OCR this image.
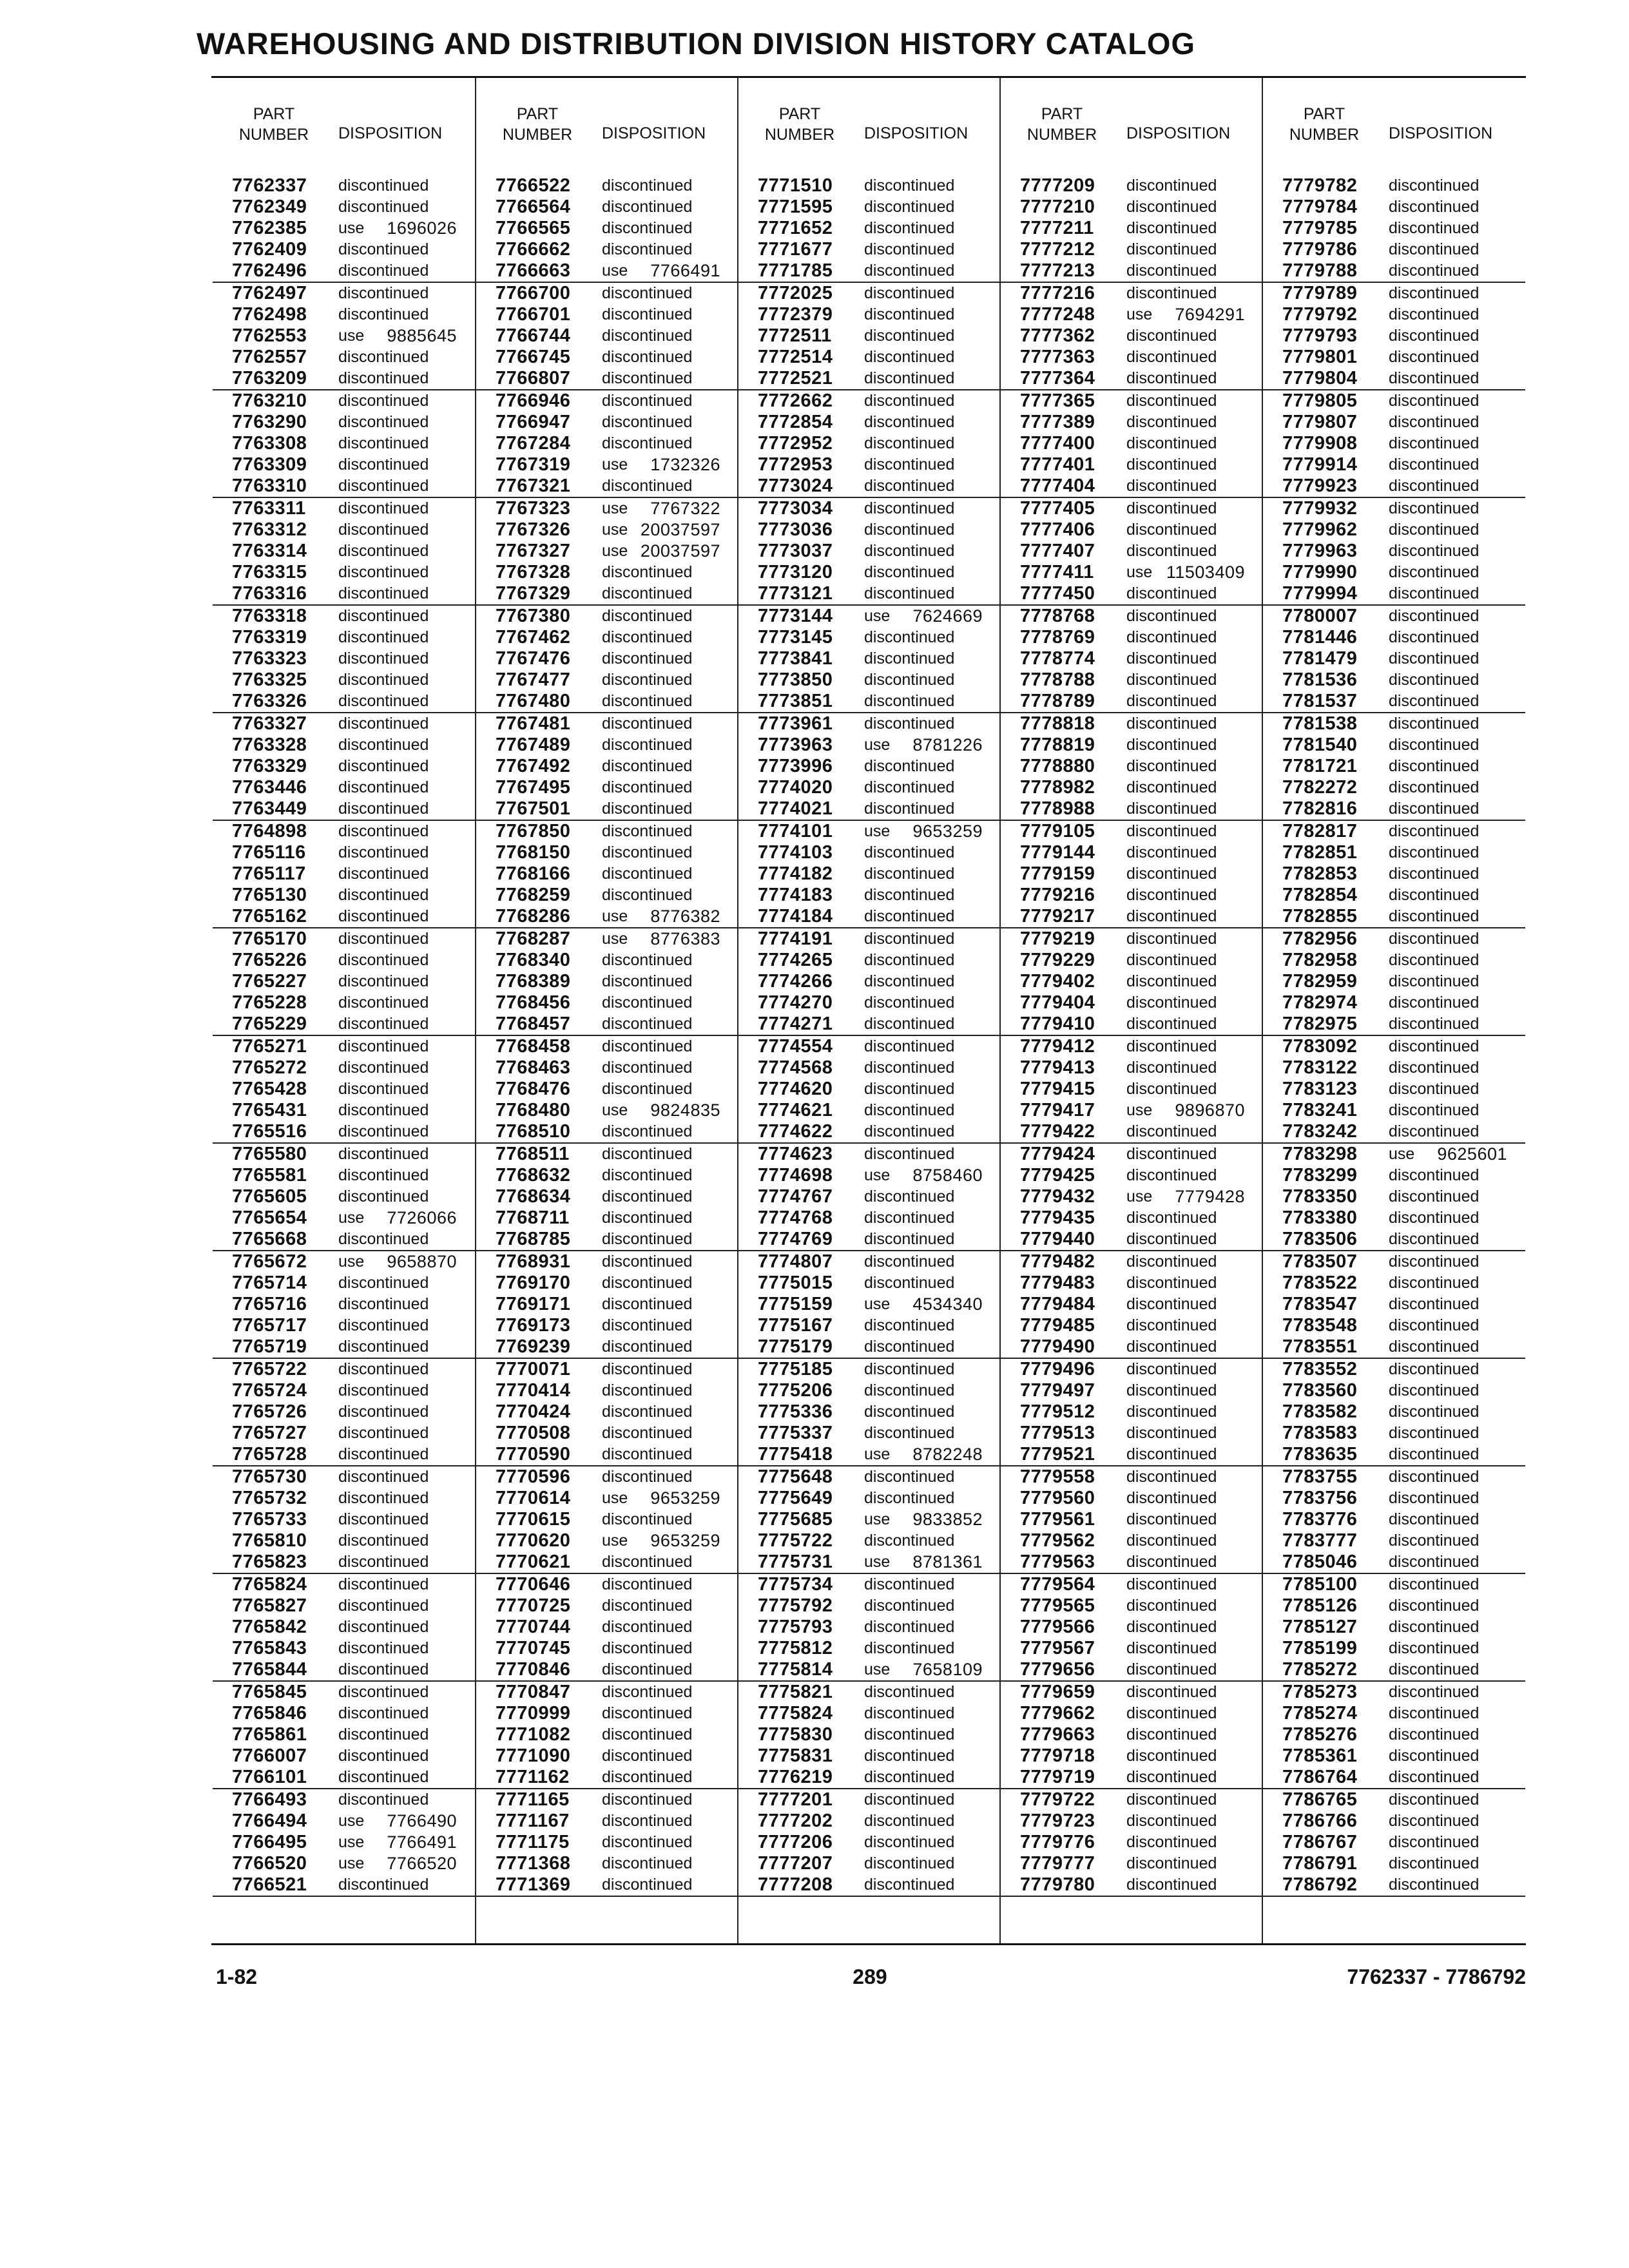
WAREHOUSING AND DISTRIBUTION DIVISION HISTORY CATALOG
PART
NUMBER	DISPOSITION
7762337 discontinued
7762349 discontinued
7762385 use 1696026
7762409 discontinued
7762496 discontinued
7762497 discontinued
7762498 discontinued
7762553 use 9885645
7762557 discontinued
7763209 discontinued
7763210 discontinued
7763290 discontinued
7763308 discontinued
7763309 discontinued
7763310 discontinued
7763311 discontinued
7763312 discontinued
7763314 discontinued
7763315 discontinued
7763316 discontinued
7763318 discontinued
7763319 discontinued
7763323 discontinued
7763325 discontinued
7763326 discontinued
7763327 discontinued
7763328 discontinued
7763329 discontinued
7763446 discontinued
7763449 discontinued
7764898 discontinued
7765116 discontinued
7765117 discontinued
7765130 discontinued
7765162 discontinued
7765170 discontinued
7765226 discontinued
7765227 discontinued
7765228 discontinued
7765229 discontinued
7765271 discontinued
7765272 discontinued
7765428 discontinued
7765431 discontinued
7765516 discontinued
7765580 discontinued
7765581 discontinued
7765605 discontinued
7765654 use 7726066
7765668 discontinued
7765672 use 9658870
7765714 discontinued
7765716 discontinued
7765717 discontinued
7765719 discontinued
7765722 discontinued
7765724 discontinued
7765726 discontinued
7765727 discontinued
7765728 discontinued
7765730 discontinued
7765732 discontinued
7765733 discontinued
7765810 discontinued
7765823 discontinued
7765824 discontinued
7765827 discontinued
7765842 discontinued
7765843 discontinued
7765844 discontinued
7765845 discontinued
7765846 discontinued
7765861 discontinued
7766007 discontinued
7766101 discontinued
7766493 discontinued
7766494 use 7766490
7766495 use 7766491
7766520 use 7766520
7766521 discontinued
PART
NUMBER	DISPOSITION
7766522 discontinued
7766564 discontinued
7766565 discontinued
7766662 discontinued
7766663 use 7766491
7766700 discontinued
7766701 discontinued
7766744 discontinued
7766745 discontinued
7766807 discontinued
7766946 discontinued
7766947 discontinued
7767284 discontinued
7767319 use 1732326
7767321 discontinued
7767323 use 7767322
7767326 use 20037597
7767327 use 20037597
7767328 discontinued
7767329 discontinued
7767380 discontinued
7767462 discontinued
7767476 discontinued
7767477 discontinued
7767480 discontinued
7767481 discontinued
7767489 discontinued
7767492 discontinued
7767495 discontinued
7767501 discontinued
7767850 discontinued
7768150 discontinued
7768166 discontinued
7768259 discontinued
7768286 use 8776382
7768287 use 8776383
7768340 discontinued
7768389 discontinued
7768456 discontinued
7768457 discontinued
7768458 discontinued
7768463 discontinued
7768476 discontinued
7768480 use 9824835
7768510 discontinued
7768511 discontinued
7768632 discontinued
7768634 discontinued
7768711 discontinued
7768785 discontinued
7768931 discontinued
7769170 discontinued
7769171 discontinued
7769173 discontinued
7769239 discontinued
7770071 discontinued
7770414 discontinued
7770424 discontinued
7770508 discontinued
7770590 discontinued
7770596 discontinued
7770614 use 9653259
7770615 discontinued
7770620 use 9653259
7770621 discontinued
7770646 discontinued
7770725 discontinued
7770744 discontinued
7770745 discontinued
7770846 discontinued
7770847 discontinued
7770999 discontinued
7771082 discontinued
7771090 discontinued
7771162 discontinued
7771165 discontinued
7771167 discontinued
7771175 discontinued
7771368 discontinued
7771369 discontinued
PART
NUMBER	DISPOSITION
7771510 discontinued
7771595 discontinued
7771652 discontinued
7771677 discontinued
7771785 discontinued
7772025 discontinued
7772379 discontinued
7772511 discontinued
7772514 discontinued
7772521 discontinued
7772662 discontinued
7772854 discontinued
7772952 discontinued
7772953 discontinued
7773024 discontinued
7773034 discontinued
7773036 discontinued
7773037 discontinued
7773120 discontinued
7773121 discontinued
7773144 use 7624669
7773145 discontinued
7773841 discontinued
7773850 discontinued
7773851 discontinued
7773961 discontinued
7773963 use 8781226
7773996 discontinued
7774020 discontinued
7774021 discontinued
7774101 use 9653259
7774103 discontinued
7774182 discontinued
7774183 discontinued
7774184 discontinued
7774191 discontinued
7774265 discontinued
7774266 discontinued
7774270 discontinued
7774271 discontinued
7774554 discontinued
7774568 discontinued
7774620 discontinued
7774621 discontinued
7774622 discontinued
7774623 discontinued
7774698 use 8758460
7774767 discontinued
7774768 discontinued
7774769 discontinued
7774807 discontinued
7775015 discontinued
7775159 use 4534340
7775167 discontinued
7775179 discontinued
7775185 discontinued
7775206 discontinued
7775336 discontinued
7775337 discontinued
7775418 use 8782248
7775648 discontinued
7775649 discontinued
7775685 use 9833852
7775722 discontinued
7775731 use 8781361
7775734 discontinued
7775792 discontinued
7775793 discontinued
7775812 discontinued
7775814 use 7658109
7775821 discontinued
7775824 discontinued
7775830 discontinued
7775831 discontinued
7776219 discontinued
7777201 discontinued
7777202 discontinued
7777206 discontinued
7777207 discontinued
7777208 discontinued
PART
NUMBER	DISPOSITION
7777209 discontinued
7777210 discontinued
7777211 discontinued
7777212 discontinued
7777213 discontinued
7777216 discontinued
7777248 use 7694291
7777362 discontinued
7777363 discontinued
7777364 discontinued
7777365 discontinued
7777389 discontinued
7777400 discontinued
7777401 discontinued
7777404 discontinued
7777405 discontinued
7777406 discontinued
7777407 discontinued
7777411 use 11503409
7777450 discontinued
7778768 discontinued
7778769 discontinued
7778774 discontinued
7778788 discontinued
7778789 discontinued
7778818 discontinued
7778819 discontinued
7778880 discontinued
7778982 discontinued
7778988 discontinued
7779105 discontinued
7779144 discontinued
7779159 discontinued
7779216 discontinued
7779217 discontinued
7779219 discontinued
7779229 discontinued
7779402 discontinued
7779404 discontinued
7779410 discontinued
7779412 discontinued
7779413 discontinued
7779415 discontinued
7779417 use 9896870
7779422 discontinued
7779424 discontinued
7779425 discontinued
7779432 use 7779428
7779435 discontinued
7779440 discontinued
7779482 discontinued
7779483 discontinued
7779484 discontinued
7779485 discontinued
7779490 discontinued
7779496 discontinued
7779497 discontinued
7779512 discontinued
7779513 discontinued
7779521 discontinued
7779558 discontinued
7779560 discontinued
7779561 discontinued
7779562 discontinued
7779563 discontinued
7779564 discontinued
7779565 discontinued
7779566 discontinued
7779567 discontinued
7779656 discontinued
7779659 discontinued
7779662 discontinued
7779663 discontinued
7779718 discontinued
7779719 discontinued
7779722 discontinued
7779723 discontinued
7779776 discontinued
7779777 discontinued
7779780 discontinued
PART
NUMBER	DISPOSITION
7779782 discontinued
7779784 discontinued
7779785 discontinued
7779786 discontinued
7779788 discontinued
7779789 discontinued
7779792 discontinued
7779793 discontinued
7779801 discontinued
7779804 discontinued
7779805 discontinued
7779807 discontinued
7779908 discontinued
7779914 discontinued
7779923 discontinued
7779932 discontinued
7779962 discontinued
7779963 discontinued
7779990 discontinued
7779994 discontinued
7780007 discontinued
7781446 discontinued
7781479 discontinued
7781536 discontinued
7781537 discontinued
7781538 discontinued
7781540 discontinued
7781721 discontinued
7782272 discontinued
7782816 discontinued
7782817 discontinued
7782851 discontinued
7782853 discontinued
7782854 discontinued
7782855 discontinued
7782956 discontinued
7782958 discontinued
7782959 discontinued
7782974 discontinued
7782975 discontinued
7783092 discontinued
7783122 discontinued
7783123 discontinued
7783241 discontinued
7783242 discontinued
7783298 use 9625601
7783299 discontinued
7783350 discontinued
7783380 discontinued
7783506 discontinued
7783507 discontinued
7783522 discontinued
7783547 discontinued
7783548 discontinued
7783551 discontinued
7783552 discontinued
7783560 discontinued
7783582 discontinued
7783583 discontinued
7783635 discontinued
7783755 discontinued
7783756 discontinued
7783776 discontinued
7783777 discontinued
7785046 discontinued
7785100 discontinued
7785126 discontinued
7785127 discontinued
7785199 discontinued
7785272 discontinued
7785273 discontinued
7785274 discontinued
7785276 discontinued
7785361 discontinued
7786764 discontinued
7786765 discontinued
7786766 discontinued
7786767 discontinued
7786791 discontinued
7786792 discontinued
1-82	289	7762337 - 7786792
